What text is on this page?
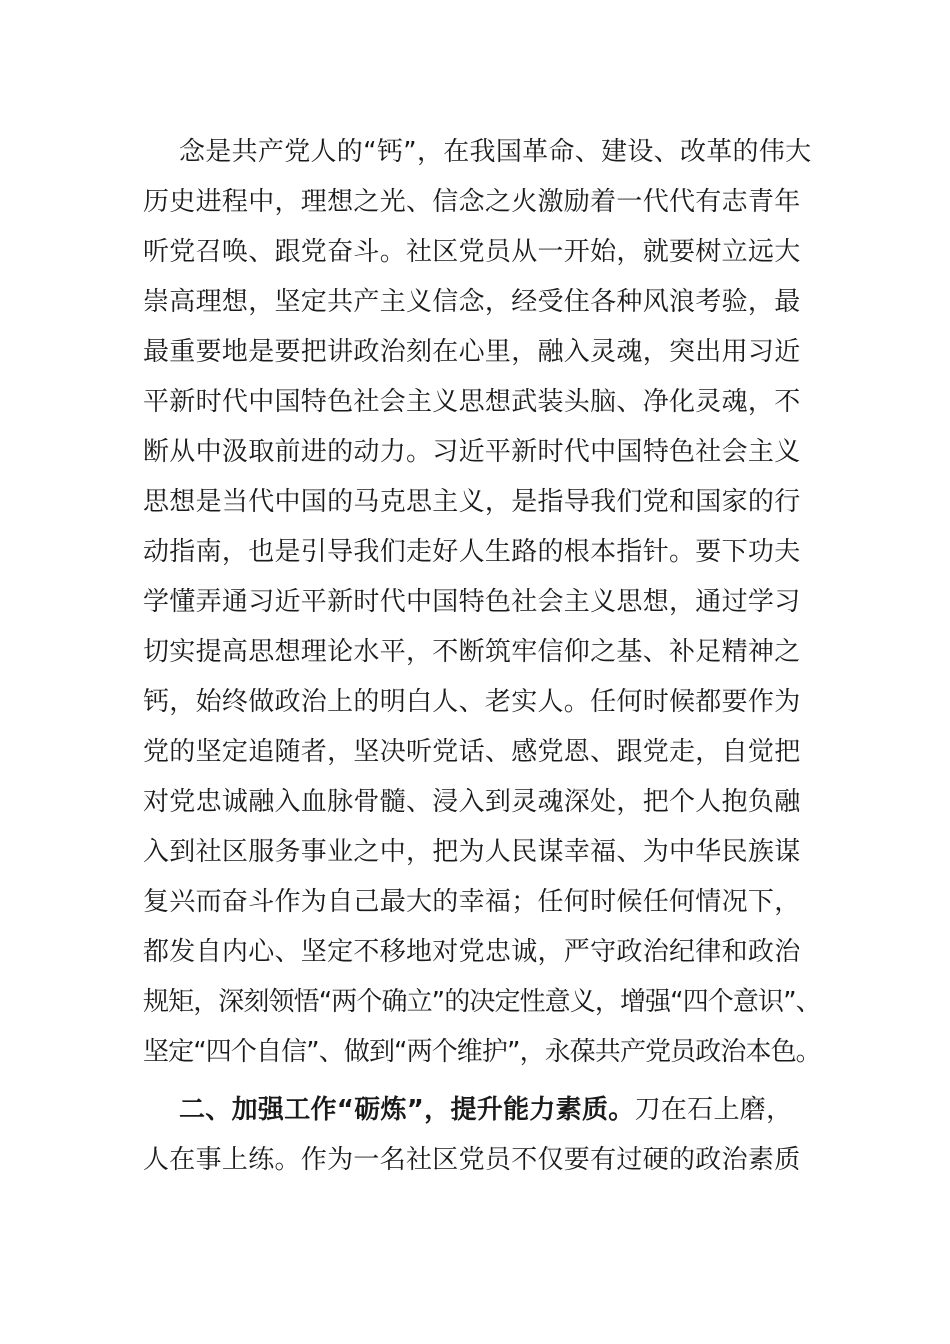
念是共产党人的“钙”，在我国革命、建设、改革的伟大
历史进程中，理想之光、信念之火激励着一代代有志青年
听党召唤、跟党奋斗。社区党员从一开始，就要树立远大
崇高理想，坚定共产主义信念，经受住各种风浪考验，最
最重要地是要把讲政治刻在心里，融入灵魂，突出用习近
平新时代中国特色社会主义思想武装头脑、净化灵魂，不
断从中汲取前进的动力。习近平新时代中国特色社会主义
思想是当代中国的马克思主义，是指导我们党和国家的行
动指南，也是引导我们走好人生路的根本指针。要下功夫
学懂弄通习近平新时代中国特色社会主义思想，通过学习
切实提高思想理论水平，不断筑牢信仰之基、补足精神之
钙，始终做政治上的明白人、老实人。任何时候都要作为
党的坚定追随者，坚决听党话、感党恩、跟党走，自觉把
对党忠诚融入血脉骨髓、浸入到灵魂深处，把个人抱负融
入到社区服务事业之中，把为人民谋幸福、为中华民族谋
复兴而奋斗作为自己最大的幸福；任何时候任何情况下，
都发自内心、坚定不移地对党忠诚，严守政治纪律和政治
规矩，深刻领悟“两个确立”的决定性意义，增强“四个意识”、
坚定“四个自信”、做到“两个维护”，永葆共产党员政治本色。
二、加强工作“砺炼”，提升能力素质。刀在石上磨，
人在事上练。作为一名社区党员不仅要有过硬的政治素质
